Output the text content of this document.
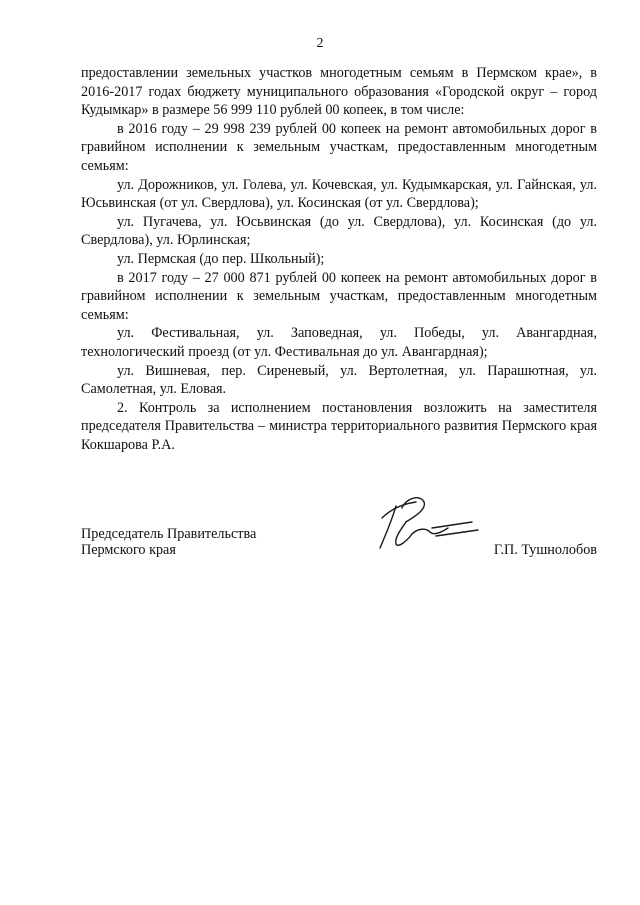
2

предоставлении земельных участков многодетным семьям в Пермском крае», в 2016-2017 годах бюджету муниципального образования «Городской округ – город Кудымкар» в размере 56 999 110 рублей 00 копеек, в том числе:

в 2016 году – 29 998 239 рублей 00 копеек на ремонт автомобильных дорог в гравийном исполнении к земельным участкам, предоставленным многодетным семьям:

ул. Дорожников, ул. Голева, ул. Кочевская, ул. Кудымкарская, ул. Гайнская, ул. Юсьвинская (от ул. Свердлова), ул. Косинская (от ул. Свердлова);

ул. Пугачева, ул. Юсьвинская (до ул. Свердлова), ул. Косинская (до ул. Свердлова), ул. Юрлинская;

ул. Пермская (до пер. Школьный);

в 2017 году – 27 000 871 рублей 00 копеек на ремонт автомобильных дорог в гравийном исполнении к земельным участкам, предоставленным многодетным семьям:

ул. Фестивальная, ул. Заповедная, ул. Победы, ул. Авангардная, технологический проезд (от ул. Фестивальная до ул. Авангардная);

ул. Вишневая, пер. Сиреневый, ул. Вертолетная, ул. Парашютная, ул. Самолетная, ул. Еловая.

2. Контроль за исполнением постановления возложить на заместителя председателя Правительства – министра территориального развития Пермского края Кокшарова Р.А.

Председатель Правительства
Пермского края	Г.П. Тушнолобов
